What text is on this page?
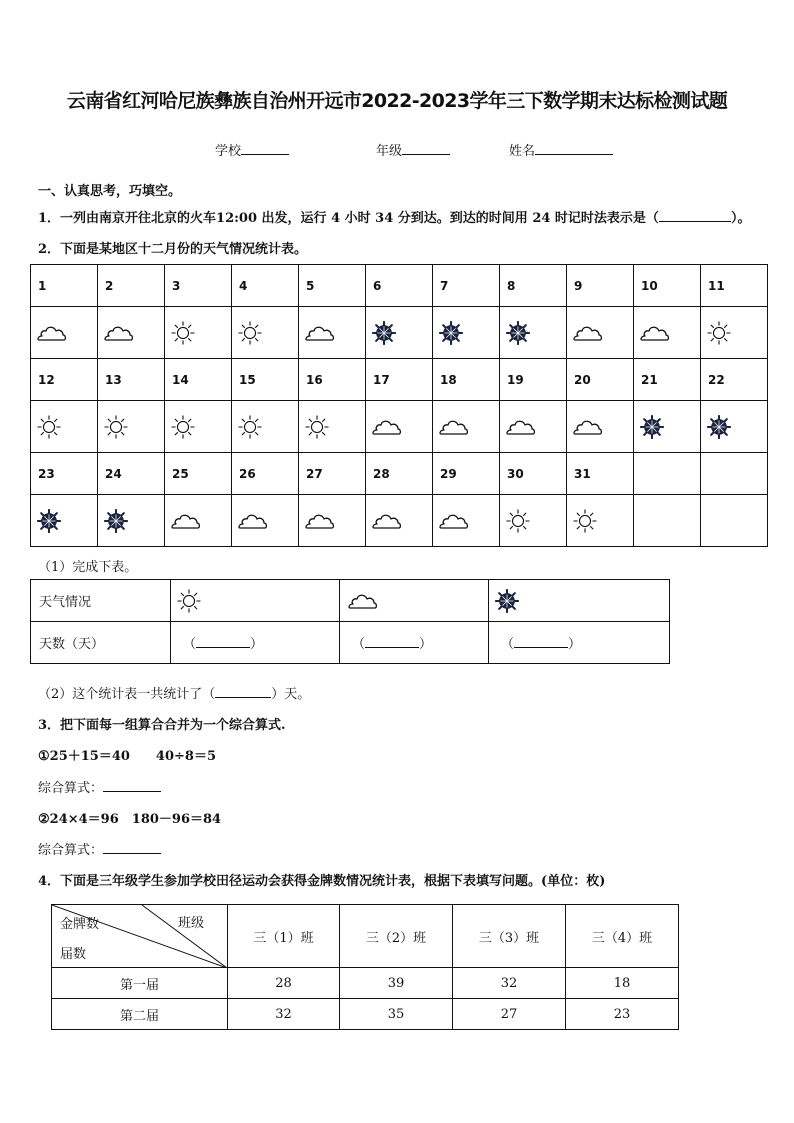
云南省红河哈尼族彝族自治州开远市2022-2023学年三下数学期末达标检测试题
学校	年级	姓名
一、认真思考，巧填空。
1．一列由南京开往北京的火车12:00 出发，运行 4 小时 34 分到达。到达的时间用 24 时记时法表示是（	）。
2．下面是某地区十二月份的天气情况统计表。
1	2	3	4	5	6	7	8	9	10	11

12	13	14	15	16	17	18	19	20	21	22

23	24	25	26	27	28	29	30	31		

（1）完成下表。
天气情况	

天数（天）	（ ）	（ ）	（ ）
（2）这个统计表一共统计了（	）天。
3．把下面每一组算合合并为一个综合算式.
①25＋15＝40　　40÷8＝5
综合算式：
②24×4＝96　180－96＝84
综合算式：
4．下面是三年级学生参加学校田径运动会获得金牌数情况统计表，根据下表填写问题。(单位：枚)
班级
金牌数
届数	三（1）班	三（2）班	三（3）班	三（4）班
第一届	28	39	32	18
第二届	32	35	27	23
